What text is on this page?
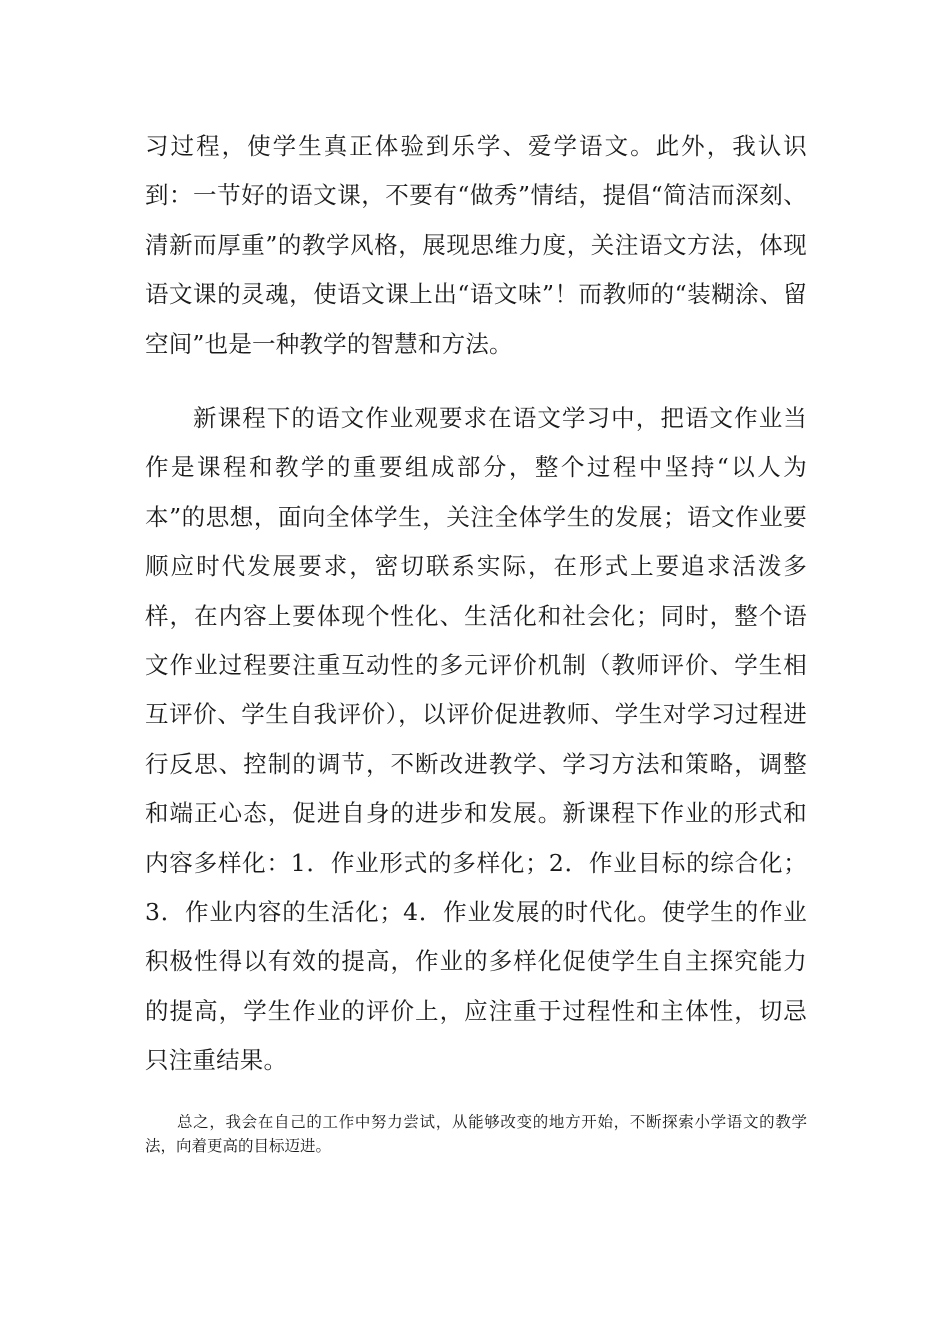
习过程，使学生真正体验到乐学、爱学语文。此外，我认识到：一节好的语文课，不要有“做秀”情结，提倡“简洁而深刻、清新而厚重”的教学风格，展现思维力度，关注语文方法，体现语文课的灵魂，使语文课上出“语文味”！而教师的“装糊涂、留空间”也是一种教学的智慧和方法。

新课程下的语文作业观要求在语文学习中，把语文作业当作是课程和教学的重要组成部分，整个过程中坚持“以人为本”的思想，面向全体学生，关注全体学生的发展；语文作业要顺应时代发展要求，密切联系实际，在形式上要追求活泼多样，在内容上要体现个性化、生活化和社会化；同时，整个语文作业过程要注重互动性的多元评价机制（教师评价、学生相互评价、学生自我评价），以评价促进教师、学生对学习过程进行反思、控制的调节，不断改进教学、学习方法和策略，调整和端正心态，促进自身的进步和发展。新课程下作业的形式和内容多样化：1．作业形式的多样化；2．作业目标的综合化；3．作业内容的生活化；4．作业发展的时代化。使学生的作业积极性得以有效的提高，作业的多样化促使学生自主探究能力的提高，学生作业的评价上，应注重于过程性和主体性，切忌只注重结果。

总之，我会在自己的工作中努力尝试，从能够改变的地方开始，不断探索小学语文的教学法，向着更高的目标迈进。
